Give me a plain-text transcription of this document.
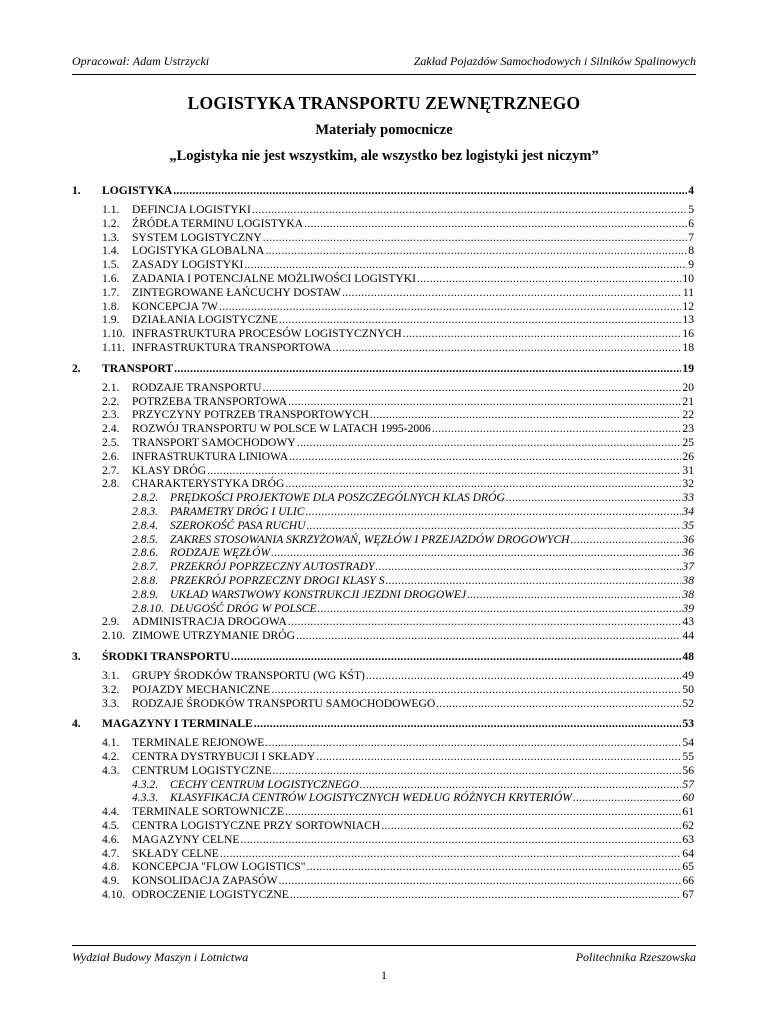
Opracował: Adam Ustrzycki	Zakład Pojazdów Samochodowych i Silników Spalinowych
LOGISTYKA TRANSPORTU ZEWNĘTRZNEGO
Materiały pomocnicze
„Logistyka nie jest wszystkim, ale wszystko bez logistyki jest niczym”
1.	LOGISTYKA .....	4
1.1.	DEFINCJA LOGISTYKI .....	5
1.2.	ŹRÓDŁA TERMINU LOGISTYKA .....	6
1.3.	SYSTEM LOGISTYCZNY .....	7
1.4.	LOGISTYKA GLOBALNA .....	8
1.5.	ZASADY LOGISTYKI .....	9
1.6.	ZADANIA I POTENCJALNE MOŻLIWOŚCI LOGISTYKI .....	10
1.7.	ZINTEGROWANE ŁAŃCUCHY DOSTAW .....	11
1.8.	KONCEPCJA 7W .....	12
1.9.	DZIAŁANIA LOGISTYCZNE .....	13
1.10. INFRASTRUKTURA PROCESÓW LOGISTYCZNYCH .....	16
1.11. INFRASTRUKTURA TRANSPORTOWA .....	18
2.	TRANSPORT .....	19
2.1.	RODZAJE TRANSPORTU .....	20
2.2.	POTRZEBA TRANSPORTOWA .....	21
2.3.	PRZYCZYNY POTRZEB TRANSPORTOWYCH .....	22
2.4.	ROZWÓJ TRANSPORTU W POLSCE W LATACH 1995-2006 .....	23
2.5.	TRANSPORT SAMOCHODOWY .....	25
2.6.	INFRASTRUKTURA LINIOWA .....	26
2.7.	KLASY DRÓG .....	31
2.8.	CHARAKTERYSTYKA DRÓG .....	32
2.8.2.	PRĘDKOŚCI PROJEKTOWE DLA POSZCZEGÓLNYCH KLAS DRÓG .....	33
2.8.3.	PARAMETRY DRÓG I ULIC .....	34
2.8.4.	SZEROKOŚĆ PASA RUCHU .....	35
2.8.5.	ZAKRES STOSOWANIA SKRZYŻOWAŃ, WĘZŁÓW I PRZEJAZDÓW DROGOWYCH .....	36
2.8.6.	RODZAJE WĘZŁÓW .....	36
2.8.7.	PRZEKRÓJ POPRZECZNY AUTOSTRADY .....	37
2.8.8.	PRZEKRÓJ POPRZECZNY DROGI KLASY S .....	38
2.8.9.	UKŁAD WARSTWOWY KONSTRUKCJI JEZDNI DROGOWEJ .....	38
2.8.10. DŁUGOŚĆ DRÓG W POLSCE .....	39
2.9.	ADMINISTRACJA DROGOWA .....	43
2.10. ZIMOWE UTRZYMANIE DRÓG .....	44
3.	ŚRODKI TRANSPORTU .....	48
3.1.	GRUPY ŚRODKÓW TRANSPORTU (WG KŚT) .....	49
3.2.	POJAZDY MECHANICZNE .....	50
3.3.	RODZAJE ŚRODKÓW TRANSPORTU SAMOCHODOWEGO .....	52
4.	MAGAZYNY I TERMINALE .....	53
4.1.	TERMINALE REJONOWE .....	54
4.2.	CENTRA DYSTRYBUCJI I SKŁADY .....	55
4.3.	CENTRUM LOGISTYCZNE .....	56
4.3.2.	CECHY CENTRUM LOGISTYCZNEGO .....	57
4.3.3.	KLASYFIKACJA CENTRÓW LOGISTYCZNYCH WEDŁUG RÓŻNYCH KRYTERIÓW .....	60
4.4.	TERMINALE SORTOWNICZE .....	61
4.5.	CENTRA LOGISTYCZNE PRZY SORTOWNIACH .....	62
4.6.	MAGAZYNY CELNE .....	63
4.7.	SKŁADY CELNE .....	64
4.8.	KONCEPCJA "FLOW LOGISTICS" .....	65
4.9.	KONSOLIDACJA ZAPASÓW .....	66
4.10. ODROCZENIE LOGISTYCZNE .....	67
Wydział Budowy Maszyn i Lotnictwa	Politechnika Rzeszowska
1
